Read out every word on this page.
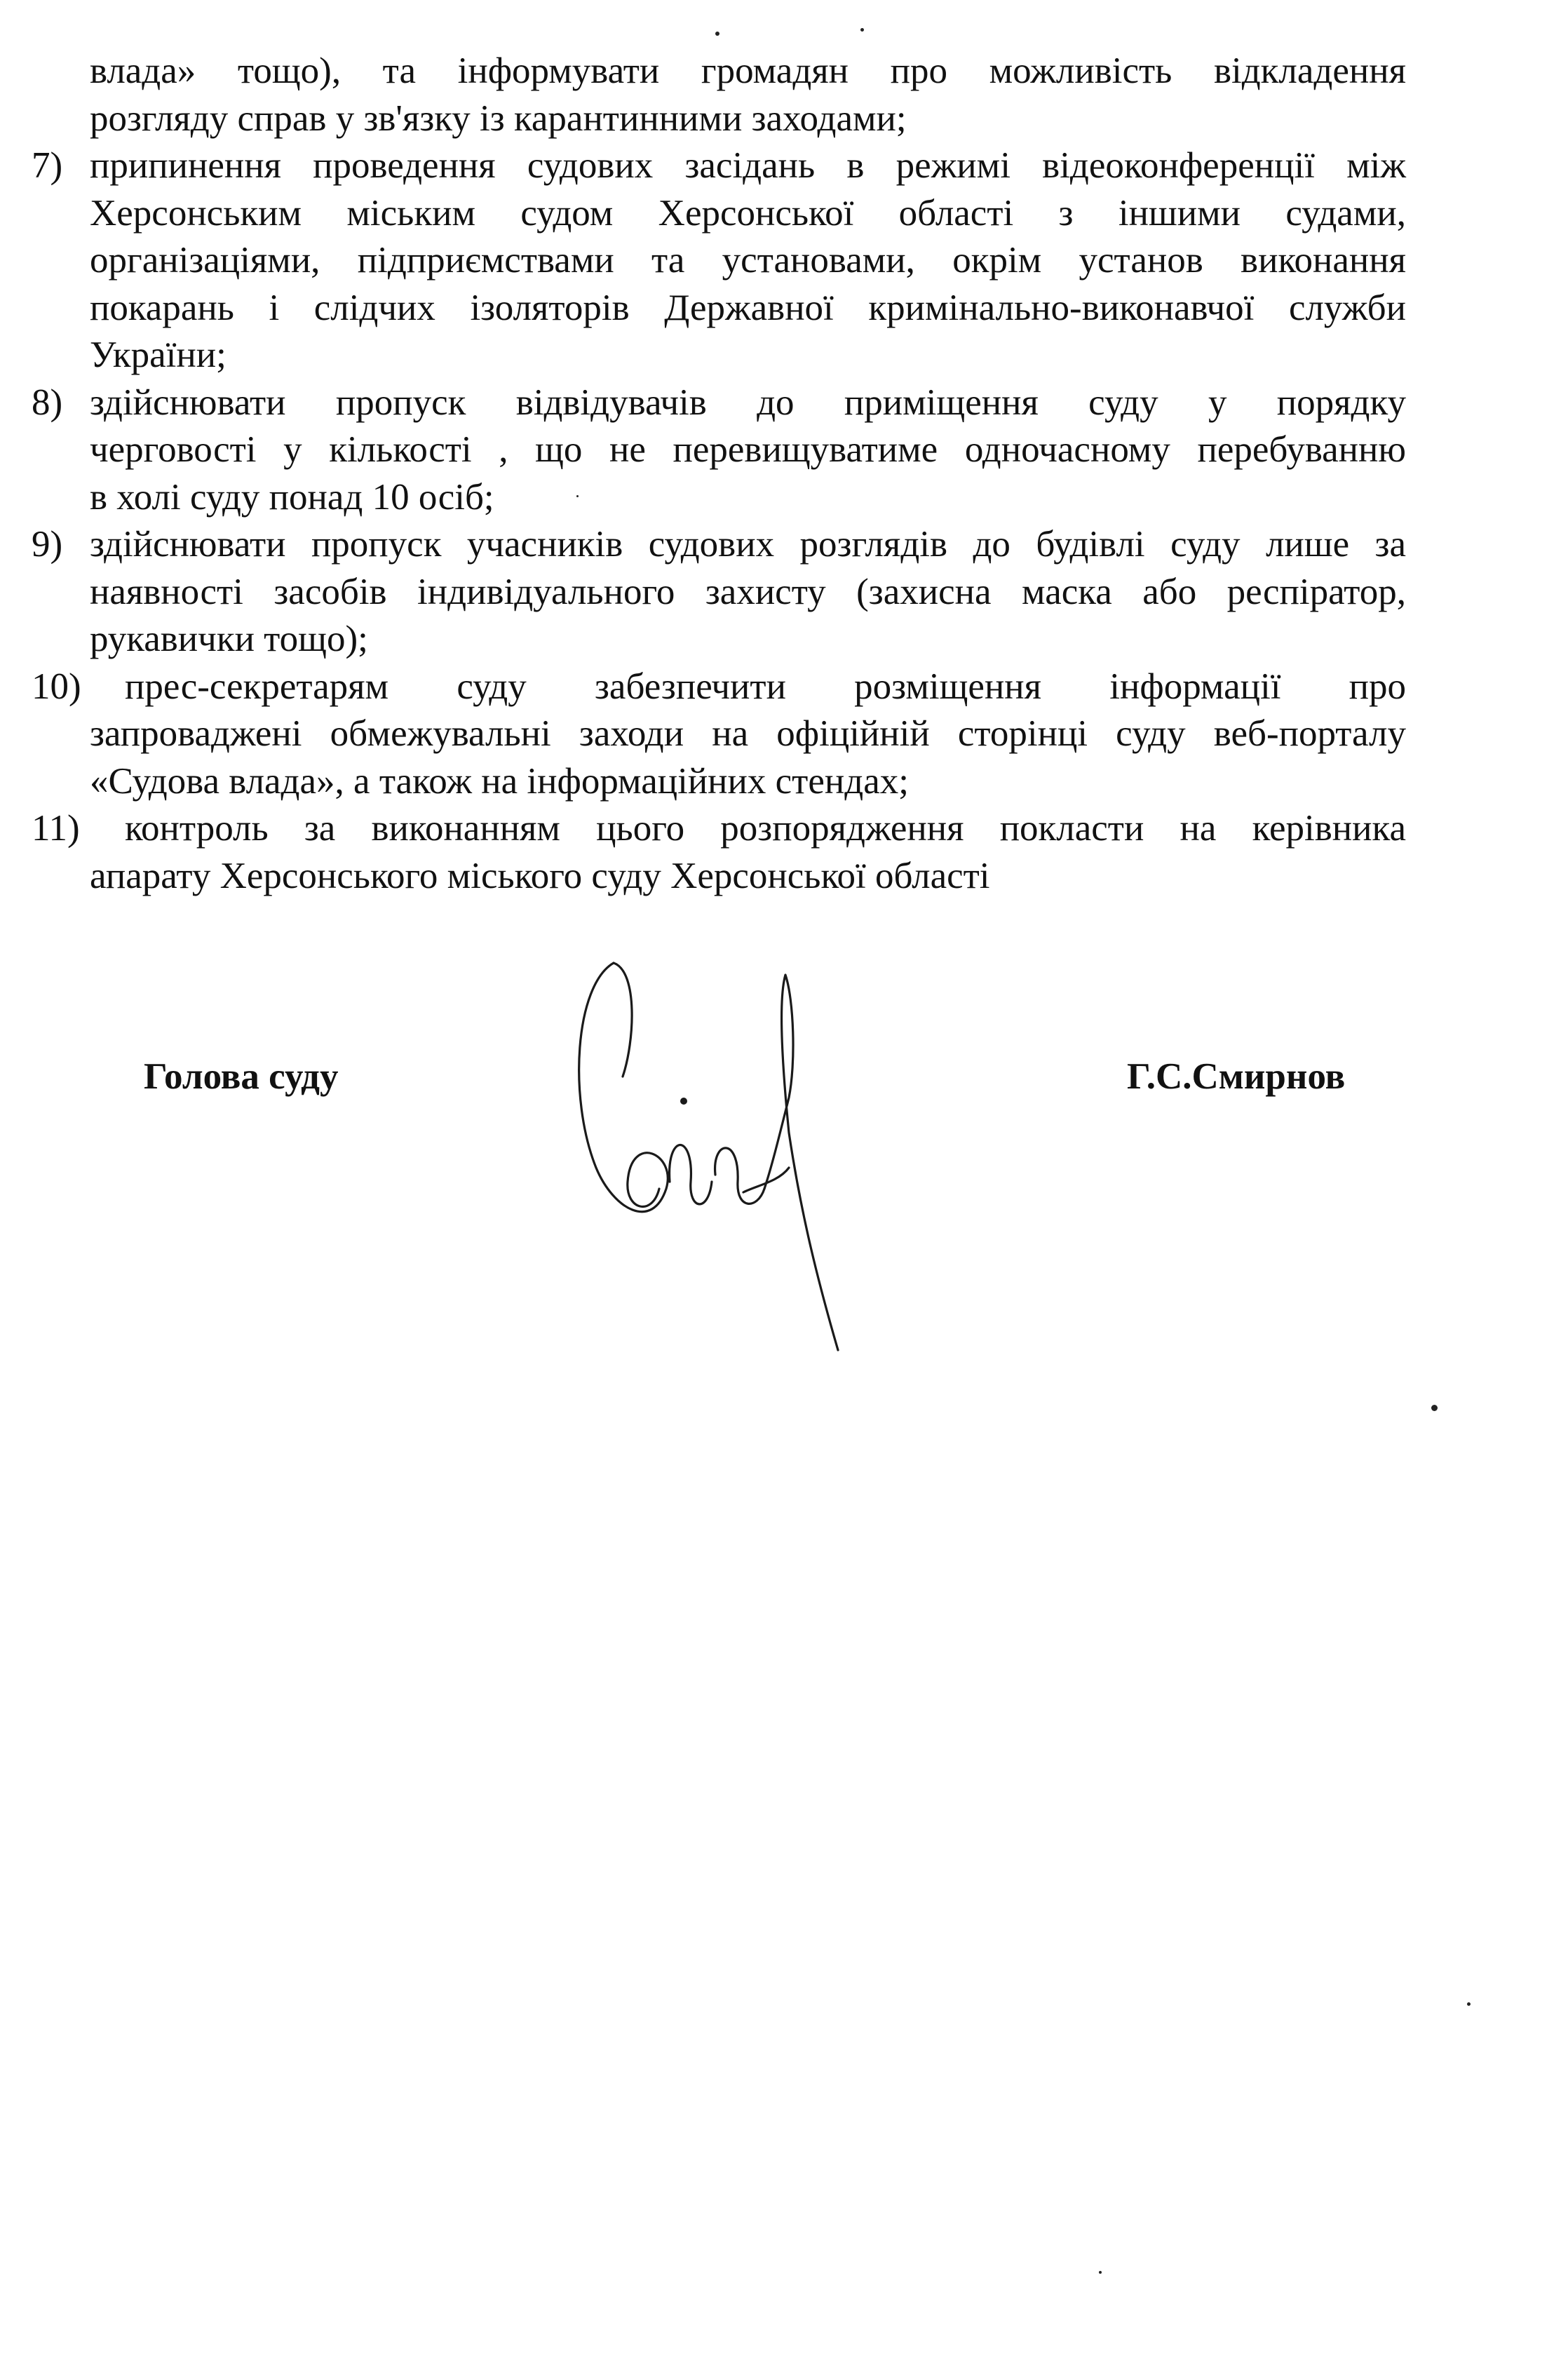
влада» тощо), та інформувати громадян про можливість відкладення
розгляду справ у зв'язку із карантинними заходами;
7) припинення проведення судових засідань в режимі відеоконференції між
Херсонським міським судом Херсонської області з іншими судами,
організаціями, підприємствами та установами, окрім установ виконання
покарань і слідчих ізоляторів Державної кримінально-виконавчої служби
України;
8) здійснювати пропуск відвідувачів до приміщення суду у порядку
черговості у кількості , що не перевищуватиме одночасному перебуванню
в холі суду понад 10 осіб;
9) здійснювати пропуск учасників судових розглядів до будівлі суду лише за
наявності засобів індивідуального захисту (захисна маска або респіратор,
рукавички тощо);
10)	прес-секретарям суду забезпечити розміщення інформації про
запроваджені обмежувальні заходи на офіційній сторінці суду веб-порталу
«Судова влада», а також на інформаційних стендах;
11)	контроль за виконанням цього розпорядження покласти на керівника
апарату Херсонського міського суду Херсонської області
Голова суду	Г.С.Смирнов
